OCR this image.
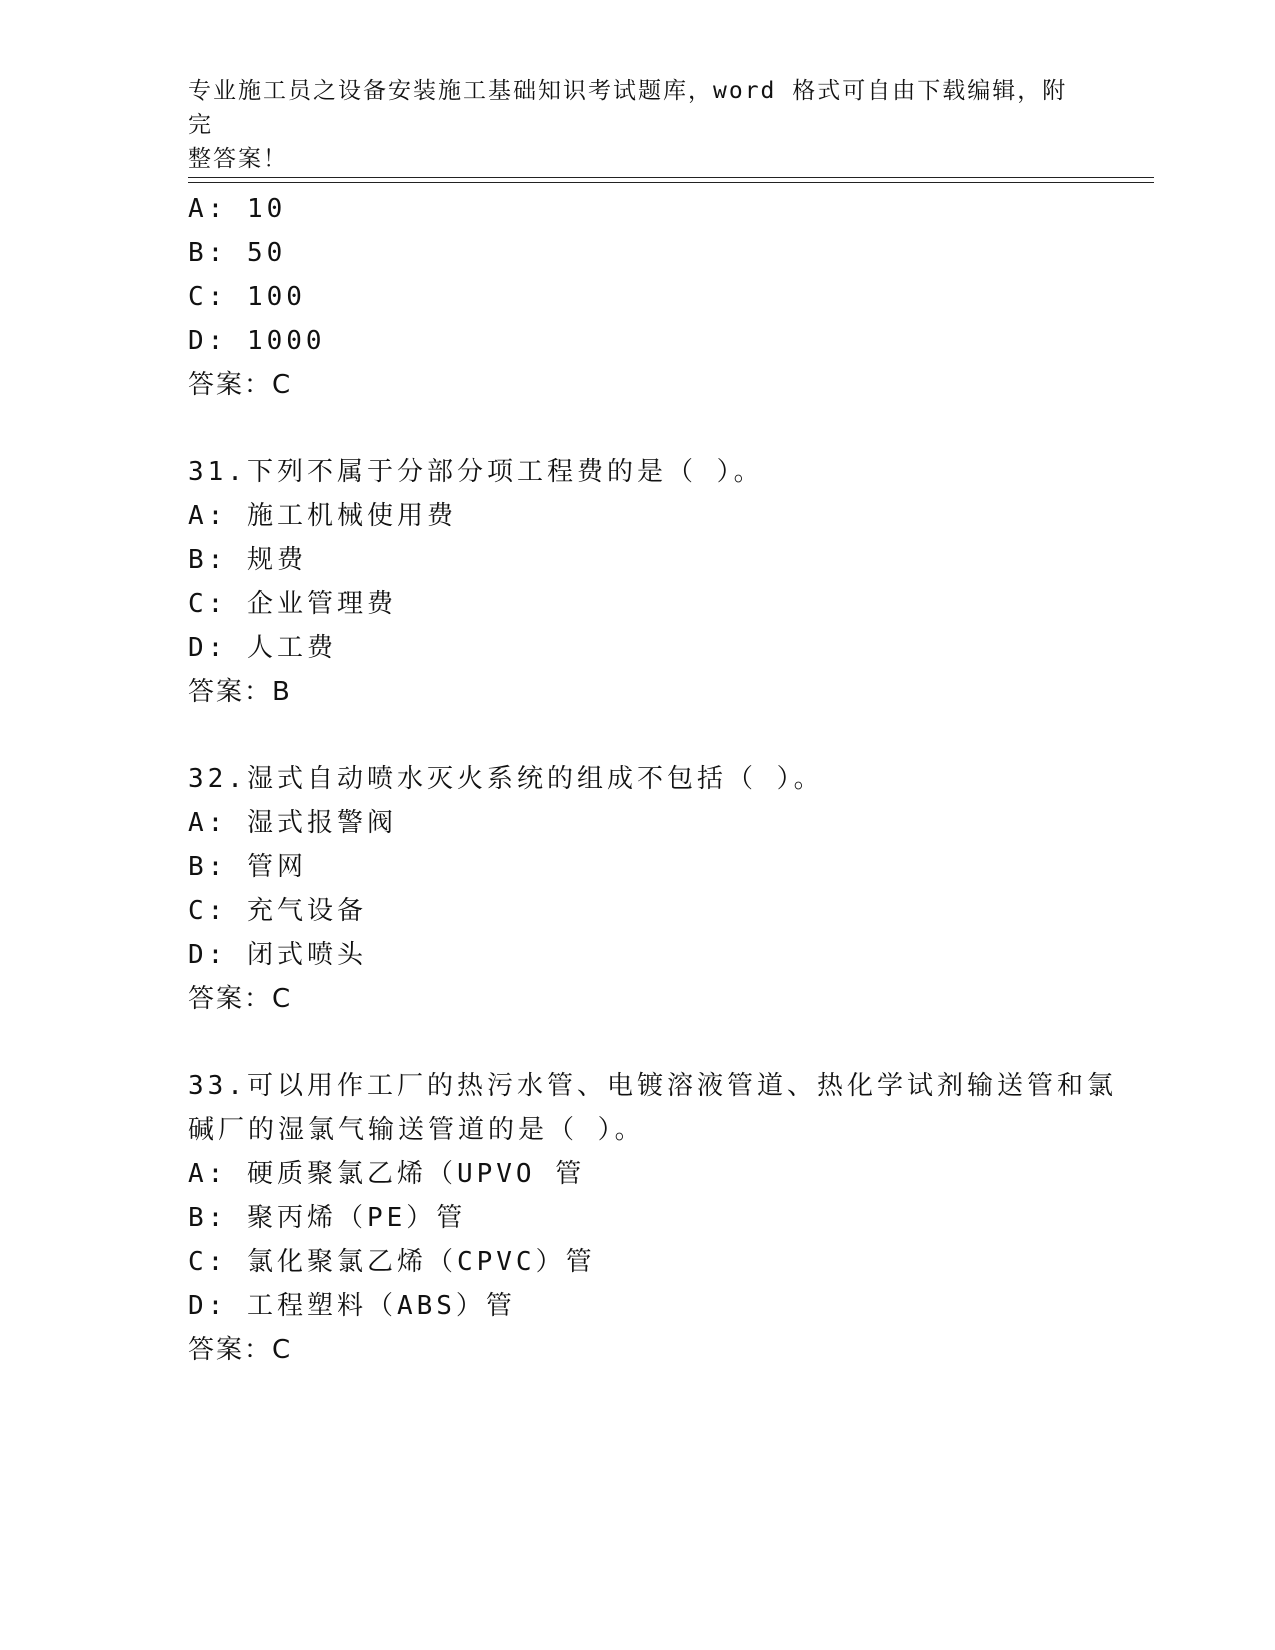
专业施工员之设备安装施工基础知识考试题库，word 格式可自由下载编辑，附完
整答案！
A: 10
B: 50
C: 100
D: 1000
答案：C
31.下列不属于分部分项工程费的是（ ）。
A: 施工机械使用费
B: 规费
C: 企业管理费
D: 人工费
答案：B
32.湿式自动喷水灭火系统的组成不包括（ ）。
A: 湿式报警阀
B: 管网
C: 充气设备
D: 闭式喷头
答案：C
33.可以用作工厂的热污水管、电镀溶液管道、热化学试剂输送管和氯
碱厂的湿氯气输送管道的是（ ）。
A: 硬质聚氯乙烯（UPVO 管
B: 聚丙烯（PE）管
C: 氯化聚氯乙烯（CPVC）管
D: 工程塑料（ABS）管
答案：C
